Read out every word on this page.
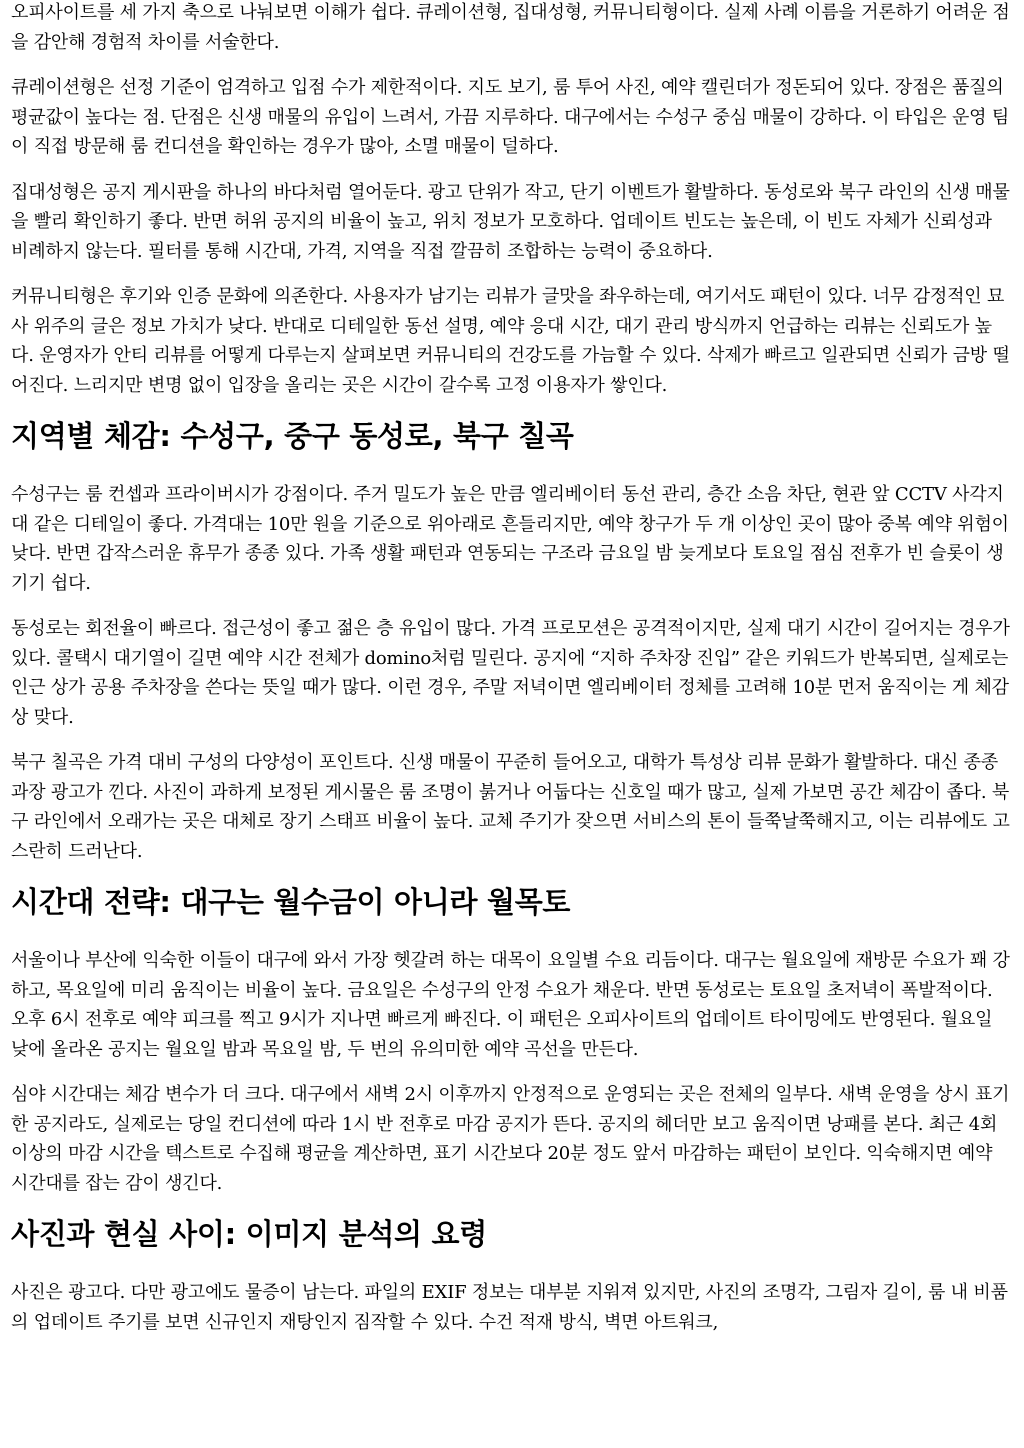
오피사이트를 세 가지 축으로 나눠보면 이해가 쉽다. 큐레이션형, 집대성형, 커뮤니티형이다. 실제 사례 이름을 거론하기 어려운 점을 감안해 경험적 차이를 서술한다.

큐레이션형은 선정 기준이 엄격하고 입점 수가 제한적이다. 지도 보기, 룸 투어 사진, 예약 캘린더가 정돈되어 있다. 장점은 품질의 평균값이 높다는 점. 단점은 신생 매물의 유입이 느려서, 가끔 지루하다. 대구에서는 수성구 중심 매물이 강하다. 이 타입은 운영 팀이 직접 방문해 룸 컨디션을 확인하는 경우가 많아, 소멸 매물이 덜하다.

집대성형은 공지 게시판을 하나의 바다처럼 열어둔다. 광고 단위가 작고, 단기 이벤트가 활발하다. 동성로와 북구 라인의 신생 매물을 빨리 확인하기 좋다. 반면 허위 공지의 비율이 높고, 위치 정보가 모호하다. 업데이트 빈도는 높은데, 이 빈도 자체가 신뢰성과 비례하지 않는다. 필터를 통해 시간대, 가격, 지역을 직접 깔끔히 조합하는 능력이 중요하다.

커뮤니티형은 후기와 인증 문화에 의존한다. 사용자가 남기는 리뷰가 글맛을 좌우하는데, 여기서도 패턴이 있다. 너무 감정적인 묘사 위주의 글은 정보 가치가 낮다. 반대로 디테일한 동선 설명, 예약 응대 시간, 대기 관리 방식까지 언급하는 리뷰는 신뢰도가 높다. 운영자가 안티 리뷰를 어떻게 다루는지 살펴보면 커뮤니티의 건강도를 가늠할 수 있다. 삭제가 빠르고 일관되면 신뢰가 금방 떨어진다. 느리지만 변명 없이 입장을 올리는 곳은 시간이 갈수록 고정 이용자가 쌓인다.

지역별 체감: 수성구, 중구 동성로, 북구 칠곡

수성구는 룸 컨셉과 프라이버시가 강점이다. 주거 밀도가 높은 만큼 엘리베이터 동선 관리, 층간 소음 차단, 현관 앞 CCTV 사각지대 같은 디테일이 좋다. 가격대는 10만 원을 기준으로 위아래로 흔들리지만, 예약 창구가 두 개 이상인 곳이 많아 중복 예약 위험이 낮다. 반면 갑작스러운 휴무가 종종 있다. 가족 생활 패턴과 연동되는 구조라 금요일 밤 늦게보다 토요일 점심 전후가 빈 슬롯이 생기기 쉽다.

동성로는 회전율이 빠르다. 접근성이 좋고 젊은 층 유입이 많다. 가격 프로모션은 공격적이지만, 실제 대기 시간이 길어지는 경우가 있다. 콜택시 대기열이 길면 예약 시간 전체가 domino처럼 밀린다. 공지에 “지하 주차장 진입” 같은 키워드가 반복되면, 실제로는 인근 상가 공용 주차장을 쓴다는 뜻일 때가 많다. 이런 경우, 주말 저녁이면 엘리베이터 정체를 고려해 10분 먼저 움직이는 게 체감상 맞다.

북구 칠곡은 가격 대비 구성의 다양성이 포인트다. 신생 매물이 꾸준히 들어오고, 대학가 특성상 리뷰 문화가 활발하다. 대신 종종 과장 광고가 낀다. 사진이 과하게 보정된 게시물은 룸 조명이 붉거나 어둡다는 신호일 때가 많고, 실제 가보면 공간 체감이 좁다. 북구 라인에서 오래가는 곳은 대체로 장기 스태프 비율이 높다. 교체 주기가 잦으면 서비스의 톤이 들쭉날쭉해지고, 이는 리뷰에도 고스란히 드러난다.

시간대 전략: 대구는 월수금이 아니라 월목토

서울이나 부산에 익숙한 이들이 대구에 와서 가장 헷갈려 하는 대목이 요일별 수요 리듬이다. 대구는 월요일에 재방문 수요가 꽤 강하고, 목요일에 미리 움직이는 비율이 높다. 금요일은 수성구의 안정 수요가 채운다. 반면 동성로는 토요일 초저녁이 폭발적이다. 오후 6시 전후로 예약 피크를 찍고 9시가 지나면 빠르게 빠진다. 이 패턴은 오피사이트의 업데이트 타이밍에도 반영된다. 월요일 낮에 올라온 공지는 월요일 밤과 목요일 밤, 두 번의 유의미한 예약 곡선을 만든다.

심야 시간대는 체감 변수가 더 크다. 대구에서 새벽 2시 이후까지 안정적으로 운영되는 곳은 전체의 일부다. 새벽 운영을 상시 표기한 공지라도, 실제로는 당일 컨디션에 따라 1시 반 전후로 마감 공지가 뜬다. 공지의 헤더만 보고 움직이면 낭패를 본다. 최근 4회 이상의 마감 시간을 텍스트로 수집해 평균을 계산하면, 표기 시간보다 20분 정도 앞서 마감하는 패턴이 보인다. 익숙해지면 예약 시간대를 잡는 감이 생긴다.

사진과 현실 사이: 이미지 분석의 요령

사진은 광고다. 다만 광고에도 물증이 남는다. 파일의 EXIF 정보는 대부분 지워져 있지만, 사진의 조명각, 그림자 길이, 룸 내 비품의 업데이트 주기를 보면 신규인지 재탕인지 짐작할 수 있다. 수건 적재 방식, 벽면 아트워크,
